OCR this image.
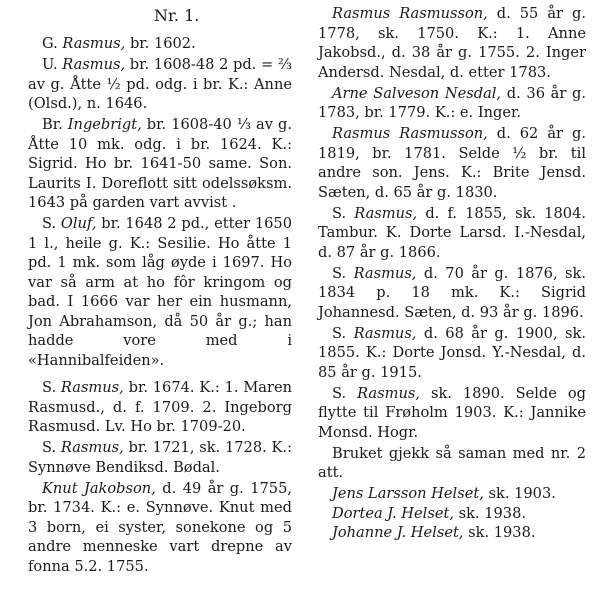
Nr. 1.
G. Rasmus, br. 1602.
U. Rasmus, br. 1608-48 2 pd. = ⅔ av g. Åtte ½ pd. odg. i br. K.: Anne (Olsd.), n. 1646.
Br. Ingebrigt, br. 1608-40 ⅓ av g. Åtte 10 mk. odg. i br. 1624. K.: Sigrid. Ho br. 1641-50 same. Son. Laurits I. Doreflott sitt odelssøksm. 1643 på garden vart avvist .
S. Oluf, br. 1648 2 pd., etter 1650 1 l., heile g. K.: Sesilie. Ho åtte 1 pd. 1 mk. som låg øyde i 1697. Ho var så arm at ho fôr kringom og bad. I 1666 var her ein husmann, Jon Abrahamson, då 50 år g.; han hadde vore med i «Hannibalfeiden».
S. Rasmus, br. 1674. K.: 1. Maren Rasmusd., d. f. 1709. 2. Ingeborg Rasmusd. Lv. Ho br. 1709-20.
S. Rasmus, br. 1721, sk. 1728. K.: Synnøve Bendiksd. Bødal.
Knut Jakobson, d. 49 år g. 1755, br. 1734. K.: e. Synnøve. Knut med 3 born, ei syster, sonekone og 5 andre menneske vart drepne av fonna 5.2. 1755.
Rasmus Rasmusson, d. 55 år g. 1778, sk. 1750. K.: 1. Anne Jakobsd., d. 38 år g. 1755. 2. Inger Andersd. Nesdal, d. etter 1783.
Arne Salveson Nesdal, d. 36 år g. 1783, br. 1779. K.: e. Inger.
Rasmus Rasmusson, d. 62 år g. 1819, br. 1781. Selde ½ br. til andre son. Jens. K.: Brite Jensd. Sæten, d. 65 år g. 1830.
S. Rasmus, d. f. 1855, sk. 1804. Tambur. K. Dorte Larsd. I.-Nesdal, d. 87 år g. 1866.
S. Rasmus, d. 70 år g. 1876, sk. 1834 p. 18 mk. K.: Sigrid Johannesd. Sæten, d. 93 år g. 1896.
S. Rasmus, d. 68 år g. 1900, sk. 1855. K.: Dorte Jonsd. Y.-Nesdal, d. 85 år g. 1915.
S. Rasmus, sk. 1890. Selde og flytte til Frøholm 1903. K.: Jannike Monsd. Hogr.
Bruket gjekk så saman med nr. 2 att.
Jens Larsson Helset, sk. 1903.
Dortea J. Helset, sk. 1938.
Johanne J. Helset, sk. 1938.
